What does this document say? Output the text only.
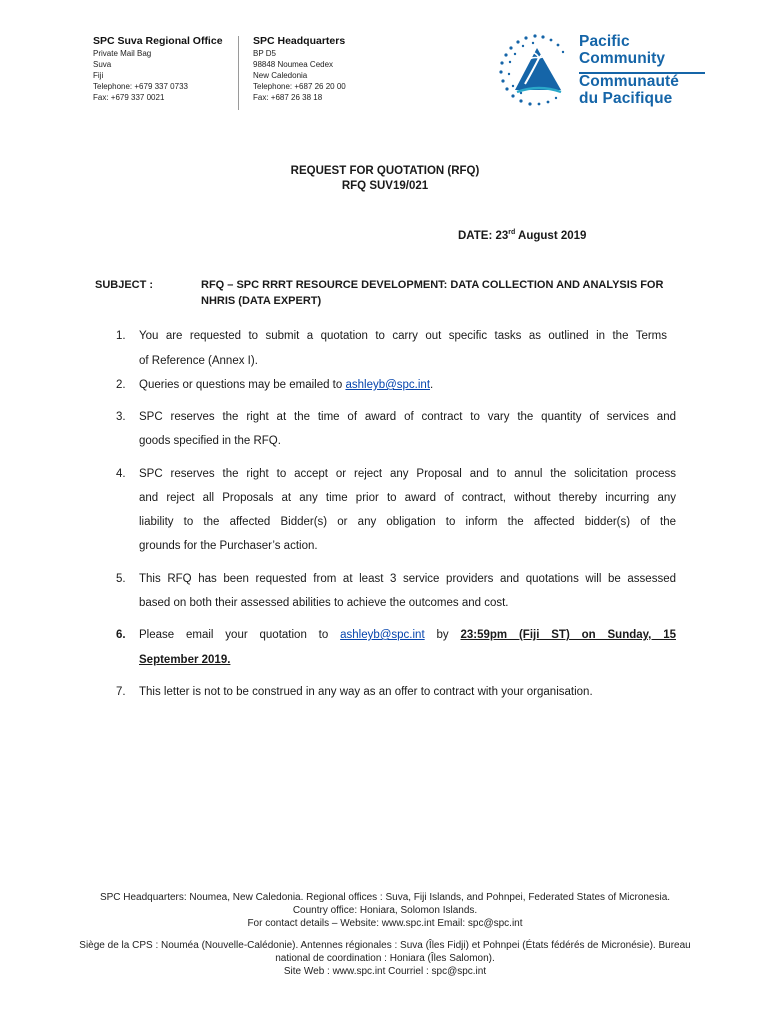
SPC Suva Regional Office
Private Mail Bag
Suva
Fiji
Telephone: +679 337 0733
Fax: +679 337 0021
SPC Headquarters
BP D5
98848 Noumea Cedex
New Caledonia
Telephone: +687 26 20 00
Fax: +687 26 38 18
Pacific
Community
Communauté
du Pacifique
REQUEST FOR QUOTATION (RFQ)
RFQ SUV19/021
DATE: 23rd August 2019
SUBJECT :	RFQ – SPC RRRT RESOURCE DEVELOPMENT: DATA COLLECTION AND ANALYSIS FOR
NHRIS (DATA EXPERT)
1. You are requested to submit a quotation to carry out specific tasks as outlined in the Terms
of Reference (Annex I).
2. Queries or questions may be emailed to ashleyb@spc.int.
3. SPC reserves the right at the time of award of contract to vary the quantity of services and
goods specified in the RFQ.
4. SPC reserves the right to accept or reject any Proposal and to annul the solicitation process
and reject all Proposals at any time prior to award of contract, without thereby incurring any
liability to the affected Bidder(s) or any obligation to inform the affected bidder(s) of the
grounds for the Purchaser’s action.
5. This RFQ has been requested from at least 3 service providers and quotations will be assessed
based on both their assessed abilities to achieve the outcomes and cost.
6. Please email your quotation to ashleyb@spc.int by 23:59pm (Fiji ST) on Sunday, 15
September 2019.
7. This letter is not to be construed in any way as an offer to contract with your organisation.
SPC Headquarters: Noumea, New Caledonia. Regional offices : Suva, Fiji Islands, and Pohnpei, Federated States of Micronesia.
Country office: Honiara, Solomon Islands.
For contact details – Website: www.spc.int Email: spc@spc.int
Siège de la CPS : Nouméa (Nouvelle-Calédonie). Antennes régionales : Suva (Îles Fidji) et Pohnpei (États fédérés de Micronésie). Bureau
national de coordination : Honiara (Îles Salomon).
Site Web : www.spc.int Courriel : spc@spc.int
